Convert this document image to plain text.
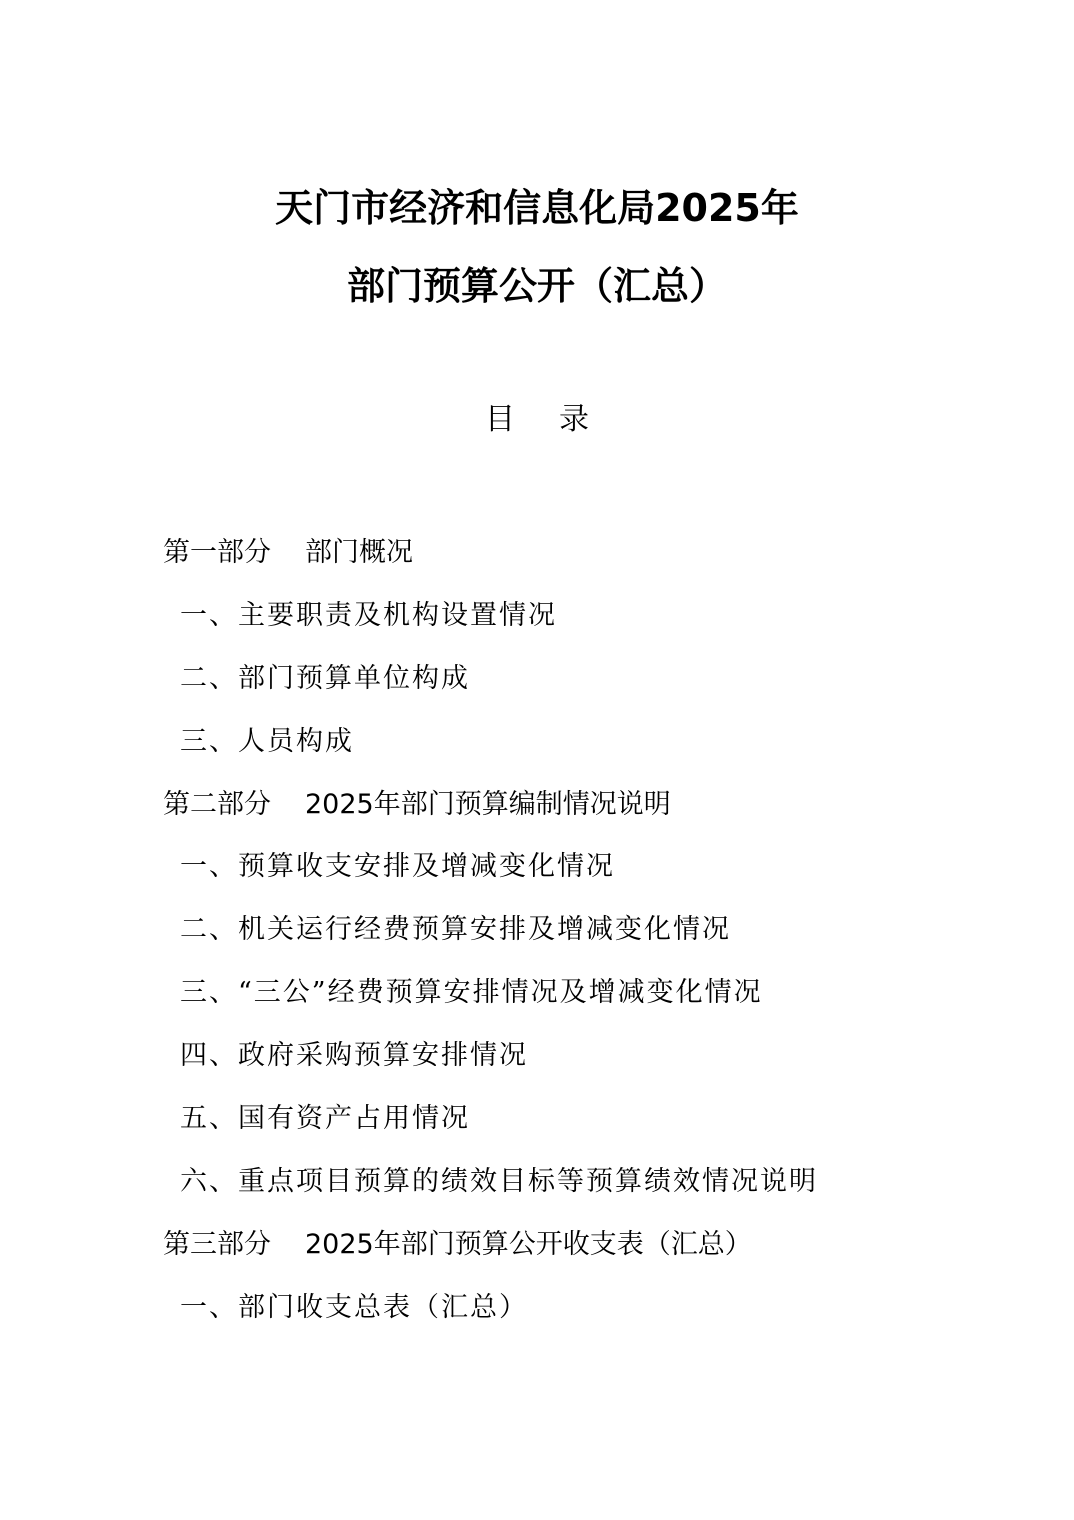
天门市经济和信息化局2025年
部门预算公开（汇总）
目 录
第一部分 部门概况
一、主要职责及机构设置情况
二、部门预算单位构成
三、人员构成
第二部分 2025年部门预算编制情况说明
一、预算收支安排及增减变化情况
二、机关运行经费预算安排及增减变化情况
三、“三公”经费预算安排情况及增减变化情况
四、政府采购预算安排情况
五、国有资产占用情况
六、重点项目预算的绩效目标等预算绩效情况说明
第三部分 2025年部门预算公开收支表（汇总）
一、部门收支总表（汇总）
